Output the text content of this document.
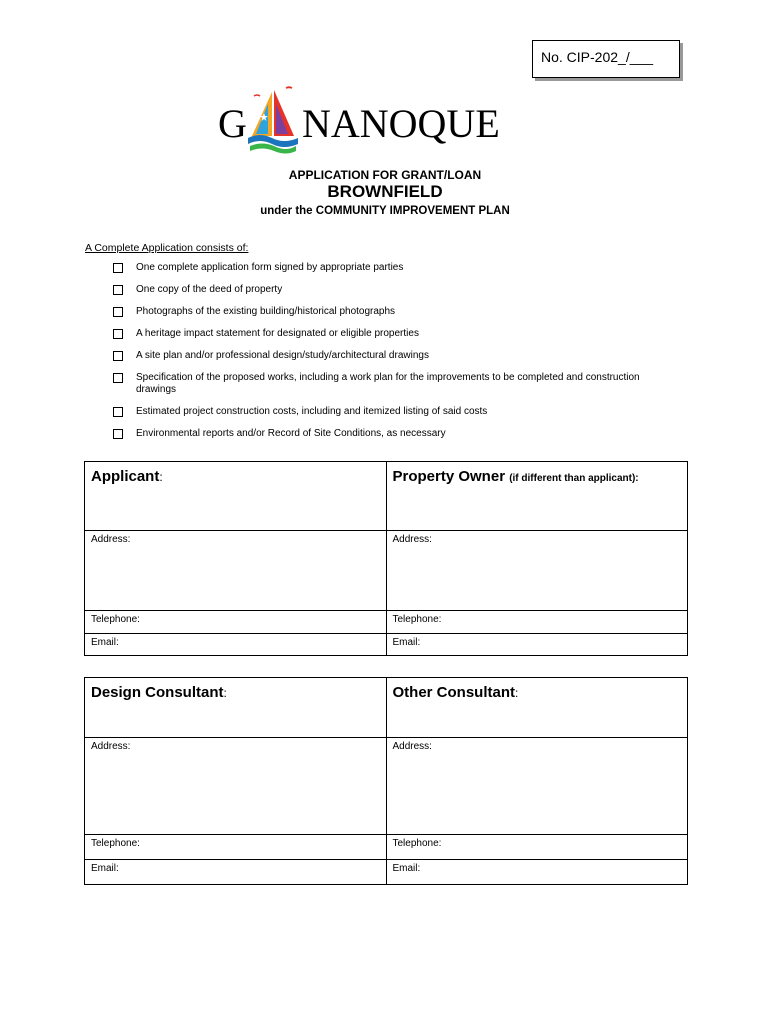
No. CIP-202_/___
G NANOQUE
APPLICATION FOR GRANT/LOAN
BROWNFIELD
under the COMMUNITY IMPROVEMENT PLAN
A Complete Application consists of:
One complete application form signed by appropriate parties
One copy of the deed of property
Photographs of the existing building/historical photographs
A heritage impact statement for designated or eligible properties
A site plan and/or professional design/study/architectural drawings
Specification of the proposed works, including a work plan for the improvements to be completed and construction drawings
Estimated project construction costs, including and itemized listing of said costs
Environmental reports and/or Record of Site Conditions, as necessary
Applicant:	Property Owner (if different than applicant):
Address:	Address:
Telephone:	Telephone:
Email:	Email:
Design Consultant:	Other Consultant:
Address:	Address:
Telephone:	Telephone:
Email:	Email:
